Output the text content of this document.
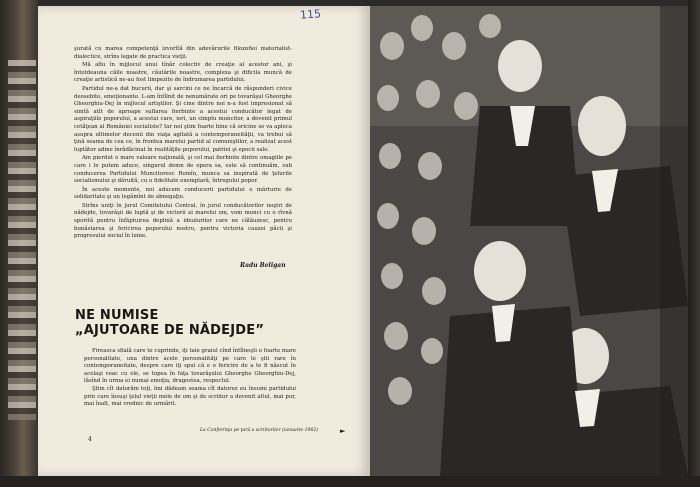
115

şurată cu marea competenţă izvorîtă din adevărurile filozofiei materialist-dialectice, strîns legate de practica vieţii.

Mă aflu în mijlocul unui tînăr colectiv de creaţie al acestor ani, şi întotdeauna căile noastre, căutările noastre, complexa şi dificila muncă de creaţie artistică ne-au fost limpezite de îndrumarea partidului.

Partidul ne-a dat bucurii, dar şi sarcini ce ne încarcă de răspunderi civice deosebite, emoţionante. L-am întîlnit de nenumărate ori pe tovarăşul Gheorghe Gheorghiu-Dej în mijlocul artiştilor. Şi cine dintre noi n-a fost impresionat să simtă atît de aproape suflarea fierbinte a acestui conducător legat de aspiraţiile poporului, a acestui care, ieri, un simplu muncitor, a devenit primul cetăţean al României socialiste? Iar noi ştim foarte bine că oricine se va apleca asupra ultimelor decenii din viaţa agitată a contemporaneităţii, va trebui să ţină seama de cea ce, în frontea marelui partid al comuniştilor, a realizat acest luptător adine înrădăcinat în realităţile poporului, patriei şi epocii sale.

Am pierdut o mare valoare naţională, şi cel mai fierbinte dintre omagiile pe care i le putem aduce, singurul demn de opera sa, este să continuăm, sub conducerea Partidului Muncitoresc Romîn, munca sa inspirată de ţelurile socialismului şi dăruită, cu o fidelitate exemplară, întregului popor.

În aceste momente, noi aducem conducerii partidului o mărturie de solidaritate şi un legămînt de abnegaţie.

Strîns uniţi în jurul Comitetului Central, în jurul conducătorilor noştri de nădejde, tovarăşii de luptă şi de victorii ai marelui om, vom munci cu o rîvnă sporită pentru înfăptuirea deplină a idealurilor care ne călăuzesc, pentru bunăstarea şi fericirea poporului nostru, pentru victoria cauzei păcii şi progresului social în lume.

Radu Beligan
NE NUMISE
„AJUTOARE DE NĂDEJDE”

Fireasca sfială care te cuprinde, iţi taie graiul cînd întîlneşti o foarte mare personalitate, una dintre acele personalităţi pe care le ştii rare în contemporaneitate, despre care iţi spui că e o fericire de a te fi născut în acelaşi veac cu ele, se topea în faţa tovarăşului Gheorghe Gheorghiu-Dej, lăsînd în urma ei numai emoţia, dragostea, respectul.

Ştim cît datorăm toţi, îmi dădeam seama cît datorez eu însumi partidului prin care însuşi ţelul vieţii mele de om şi de scriitor a devenit altul, mai pur, mai înalt, mai vrednic de urmărit.

4
La Conferinţa pe ţară a scriitorilor (ianuarie 1962)	►
